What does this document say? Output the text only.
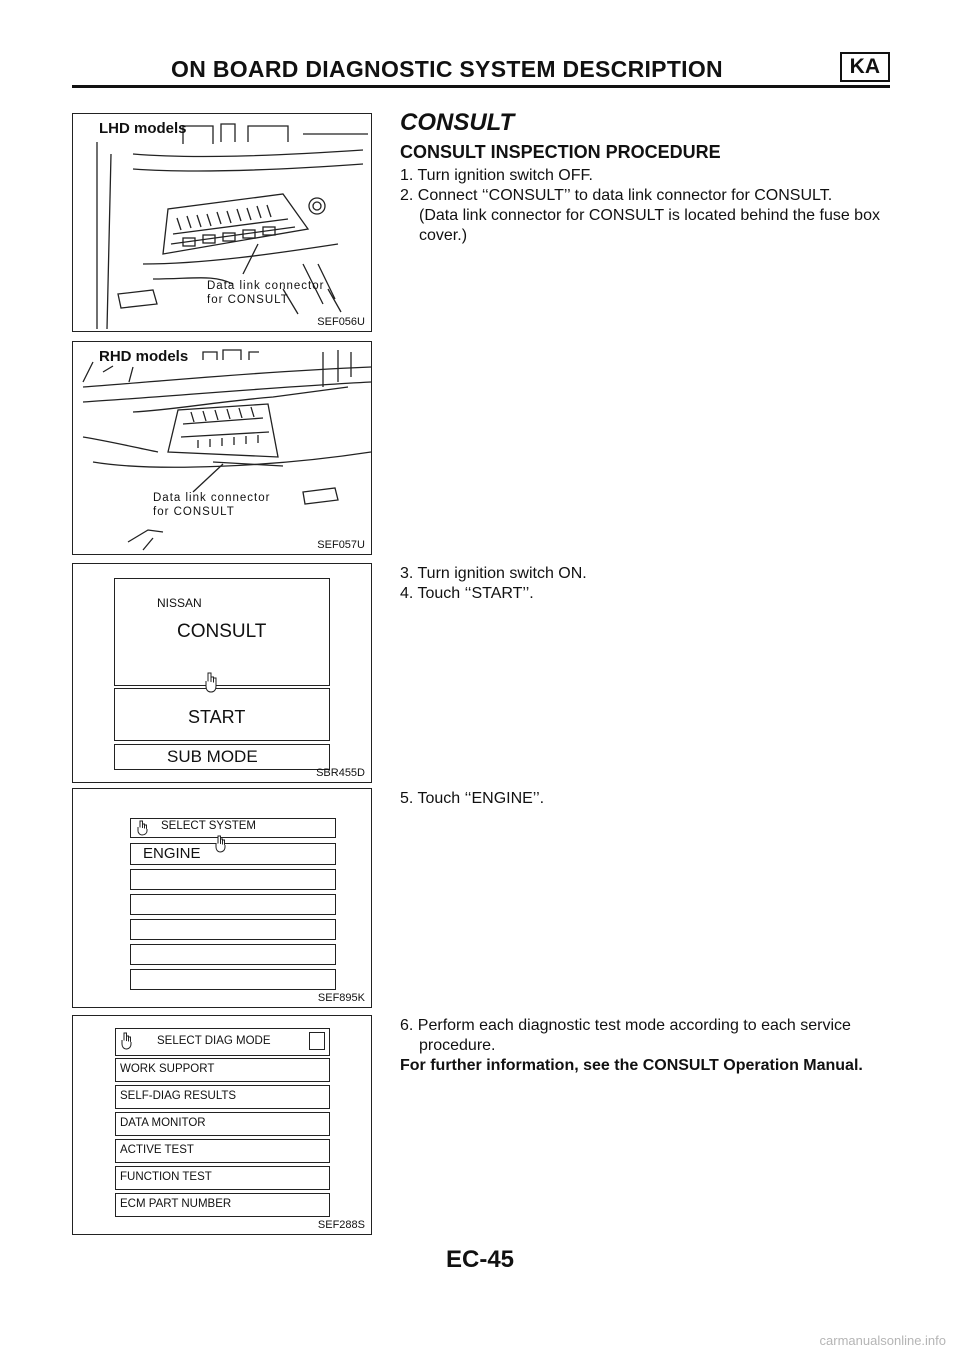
ON BOARD DIAGNOSTIC SYSTEM DESCRIPTION	KA
LHD models
Data link connector
for CONSULT
SEF056U
RHD models
Data link connector
for CONSULT
SEF057U
NISSAN
CONSULT
START
SUB MODE
SBR455D
SELECT SYSTEM
ENGINE
SEF895K
SELECT DIAG MODE
WORK SUPPORT
SELF-DIAG RESULTS
DATA MONITOR
ACTIVE TEST
FUNCTION TEST
ECM PART NUMBER
SEF288S
CONSULT
CONSULT INSPECTION PROCEDURE
1. Turn ignition switch OFF.
2. Connect ‘‘CONSULT’’ to data link connector for CONSULT.
(Data link connector for CONSULT is located behind the fuse box cover.)
3. Turn ignition switch ON.
4. Touch ‘‘START’’.
5. Touch ‘‘ENGINE’’.
6. Perform each diagnostic test mode according to each service
procedure.
For further information, see the CONSULT Operation Manual.
EC-45
carmanualsonline.info
